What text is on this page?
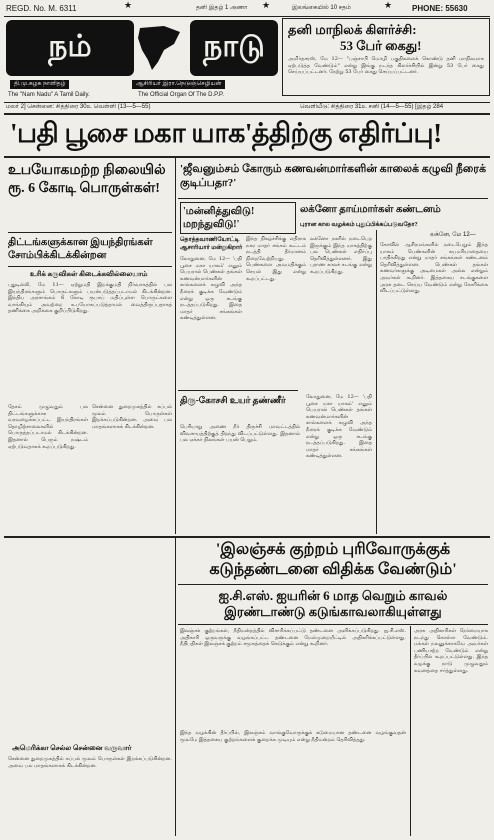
REGD. No. M. 6311	தனி இதழ் 1 அணா	இலங்கையில் 10 சதம்	PHONE: 55630
★	★	★
நம்	நாடு
தி.மு.கழக நாளிதழ்	ஆசிரியர் இரா.நெடுஞ்செழியன்
The "Nam Nadu" A Tamil Daily.	The Official Organ Of The D.P.P.
தனி மாநிலக் கிளர்ச்சி:
53 பேர் கைது!
அமிர்தசரஸ், மே 12— "பஞ்சாபி மொழி பகுதிகளைக் கொண்டு தனி மாநிலமாக ஏற்படுத்த வேண்டும்" என்று இங்கு நடந்த கிளர்ச்சியில் இன்று 53 பேர் கைது செய்யப்பட்டனர். நேற்று 53 பேர் கைது செய்யப்பட்டனர்.
மலர் 2] சென்னை: சித்திரை 30உ வெள்ளி (13—5—55)	வெளியீடு: சித்திரை 31உ சனி (14—5—55) [இதழ் 284
'பதி பூசை மகா யாக'த்திற்கு எதிர்ப்பு!
உபயோகமற்ற நிலையில் ரூ. 6 கோடி பொருள்கள்!
திட்டங்களுக்கான இயந்திரங்கள் சோம்பிக்கிடக்கின்றன
உரிக் கருவிகள் கிடைக்கவில்லையாம்
புதுடில்லி, மே 11— ஏற்றுமதி இறக்குமதி நிர்வாகத்தில் பல இயந்திரங்களும் பொருட்களும் பயன்படுத்தப்படாமல் கிடக்கின்றன. இந்திய அரசாங்கம் 6 கோடி ரூபாய் மதிப்புள்ள பொருட்களை வாங்கியும் அவற்றை உபயோகப்படுத்தாமல் வைத்திருப்பதாகத் தணிக்கை அறிக்கை குறிப்பிடுகிறது.
தேசம் முழுவதும் பல திட்டங்களுக்காக வரவழைக்கப்பட்ட இயந்திரங்கள் தொழிற்சாலைகளில் பொருத்தப்படாமல் கிடக்கின்றன. இதனால் பெரும் நஷ்டம் ஏற்படுவதாகக் கூறப்படுகிறது.
சென்னை துறைமுகத்தில் கப்பல் மூலம் பொருள்கள் இறக்கப்படுகின்றன. அவை பல மாதங்களாகக் கிடக்கின்றன.
அமெரிக்கா செல்ல சென்னை வருவார்
சென்னை துறைமுகத்தில் கப்பல் மூலம் பொருள்கள் இறக்கப்படுகின்றன. அவை பல மாதங்களாகக் கிடக்கின்றன.
'ஜீவனும்சம் கோரும் கணவன்மார்களின் காலைக் கழுவி நீரைக் குடிப்பதா?'
'மன்னித்துவிடு! மறந்துவிடு!'
லக்னோ தாய்மார்கள் கண்டனம்
புரான கால வழக்கம் புதுப்பிக்கப்படுவதோ?
தொத்தவாணியோட்டி ஆசாரியார் மன்றுகிறார்
லோதுனை, மே 12— 'பதி பூசை மகா யாகம்' எனும் பெயரால் பெண்கள் தங்கள் கணவன்மார்களின் கால்களைக் கழுவி அந்த நீரைக் குடிக்க வேண்டும் என்று ஒரு சடங்கு நடத்தப்படுகிறது. இதை மாதர் சங்கங்கள் கண்டித்துள்ளன.
இந்த நிகழ்ச்சிக்கு எதிராக நகர மாதர் சங்கம் கூட்டம் நடத்தி தீர்மானம் நிறைவேற்றியது. பெண்களை அவமதிக்கும் செயல் இது என்று கூறப்பட்டது.
லக்னோ நகரில் நடைபெற இருக்கும் இந்த யாகத்திற்கு பல பெண்கள் எதிர்ப்பு தெரிவித்துள்ளனர். இது புராண காலச் சடங்கு என்று கூறப்படுகிறது.
திரு-கோசசி உயர் தண்ணீர்
பெரியாறு அணை நீர் திருச்சி மாவட்டத்தில் விவசாயத்திற்குத் திறந்து விடப்பட்டுள்ளது. இதனால் பல ஏக்கர் நிலங்கள் பயன் பெறும்.
லோதுனை, மே 12— 'பதி பூசை மகா யாகம்' எனும் பெயரால் பெண்கள் தங்கள் கணவன்மார்களின் கால்களைக் கழுவி அந்த நீரைக் குடிக்க வேண்டும் என்று ஒரு சடங்கு நடத்தப்படுகிறது. இதை மாதர் சங்கங்கள் கண்டித்துள்ளன.
லக்னே, மே 12—
கோவில் ஆசிரமங்களில் நடைபெறும் இந்த யாகம் பெண்களின் சுயமரியாதையை பாதிக்கிறது என்று மாதர் சங்கங்கள் கண்டனம் தெரிவித்துள்ளன. பெண்கள் தங்கள் கணவர்களுக்கு அடிமைகள் அல்ல என்றும் அவர்கள் கூறினர். இத்தகைய சடங்குகளை அரசு தடை செய்ய வேண்டும் என்று கோரிக்கை விடப்பட்டுள்ளது.
'இலஞ்சக் குற்றம் புரிவோருக்குக் கடுந்தண்டனை விதிக்க வேண்டும்'
ஐ.சி.எஸ். ஐயரின் 6 மாத வெறும் காவல் இரண்டாண்டு கடுங்காவலாகியுள்ளது
இலஞ்சக் குற்றங்கள், நீதிமன்றத்தில் விசாரிக்கப்பட்டு தண்டனை அளிக்கப்படுகிறது. ஐ.சி.எஸ். அதிகாரி ஒருவருக்கு வழங்கப்பட்ட தண்டனை மேல்முறையீட்டில் அதிகரிக்கப்பட்டுள்ளது. நீதிபதிகள் இலஞ்சக் குற்றம் சமூகத்தைக் கெடுக்கும் என்று கூறினர்.
இந்த வழக்கின் தீர்ப்பில், இலஞ்சம் வாங்குவோருக்குக் கடுமையான தண்டனை வழங்குவதன் மூலமே இத்தகைய குற்றங்களைக் குறைக்க முடியும் என்று நீதிமன்றம் தெரிவித்தது.
அரசு அதிகாரிகள் நேர்மையாக நடந்து கொள்ள வேண்டும். மக்கள் நலனுக்காகவே அவர்கள் பணியாற்ற வேண்டும் என்று தீர்ப்பில் கூறப்பட்டுள்ளது. இந்த வழக்கு நாடு முழுவதும் கவனத்தை ஈர்த்துள்ளது.
